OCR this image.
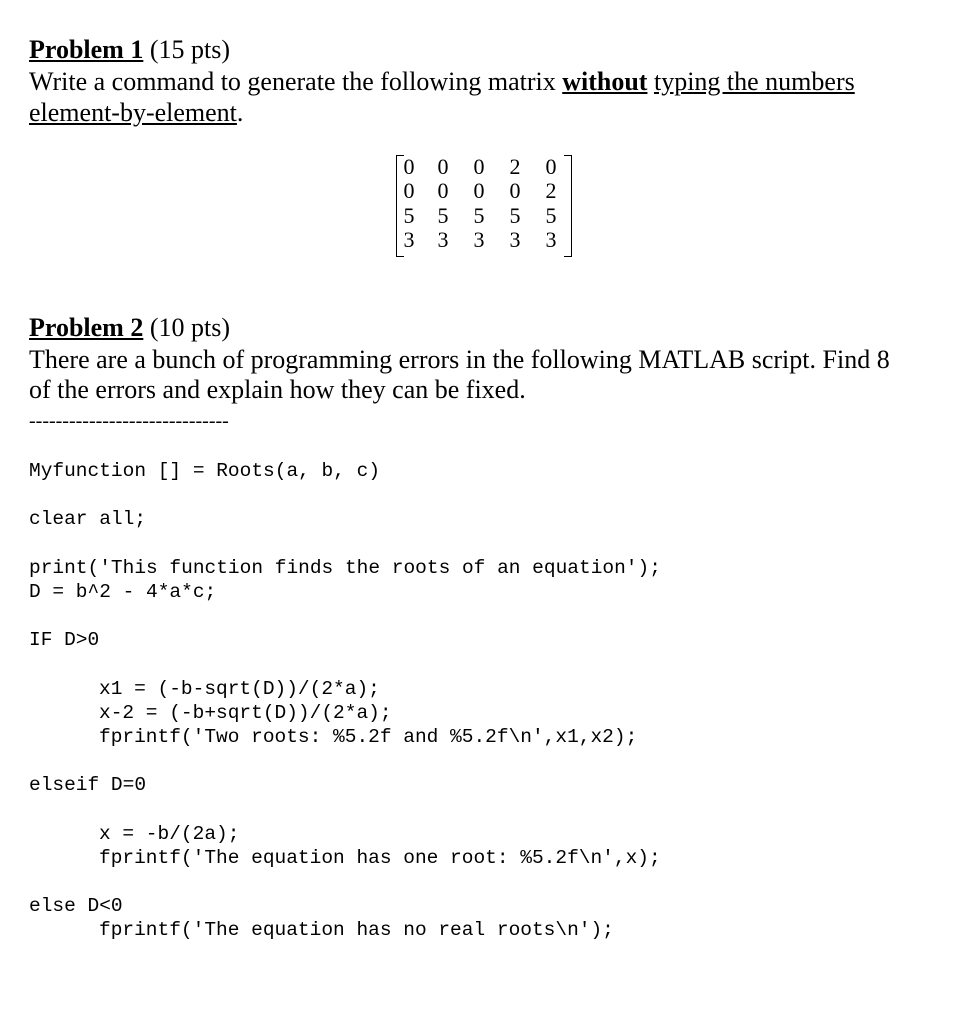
Problem 1 (15 pts)
Write a command to generate the following matrix without typing the numbers
element-by-element.
0 0 0 2 0
0 0 0 0 2
5 5 5 5 5
3 3 3 3 3
Problem 2 (10 pts)
There are a bunch of programming errors in the following MATLAB script. Find 8
of the errors and explain how they can be fixed.
------------------------------
Myfunction [] = Roots(a, b, c)
clear all;
print('This function finds the roots of an equation');
D = b^2 - 4*a*c;
IF D>0
x1 = (-b-sqrt(D))/(2*a);
x-2 = (-b+sqrt(D))/(2*a);
fprintf('Two roots: %5.2f and %5.2f\n',x1,x2);
elseif D=0
x = -b/(2a);
fprintf('The equation has one root: %5.2f\n',x);
else D<0
fprintf('The equation has no real roots\n');
